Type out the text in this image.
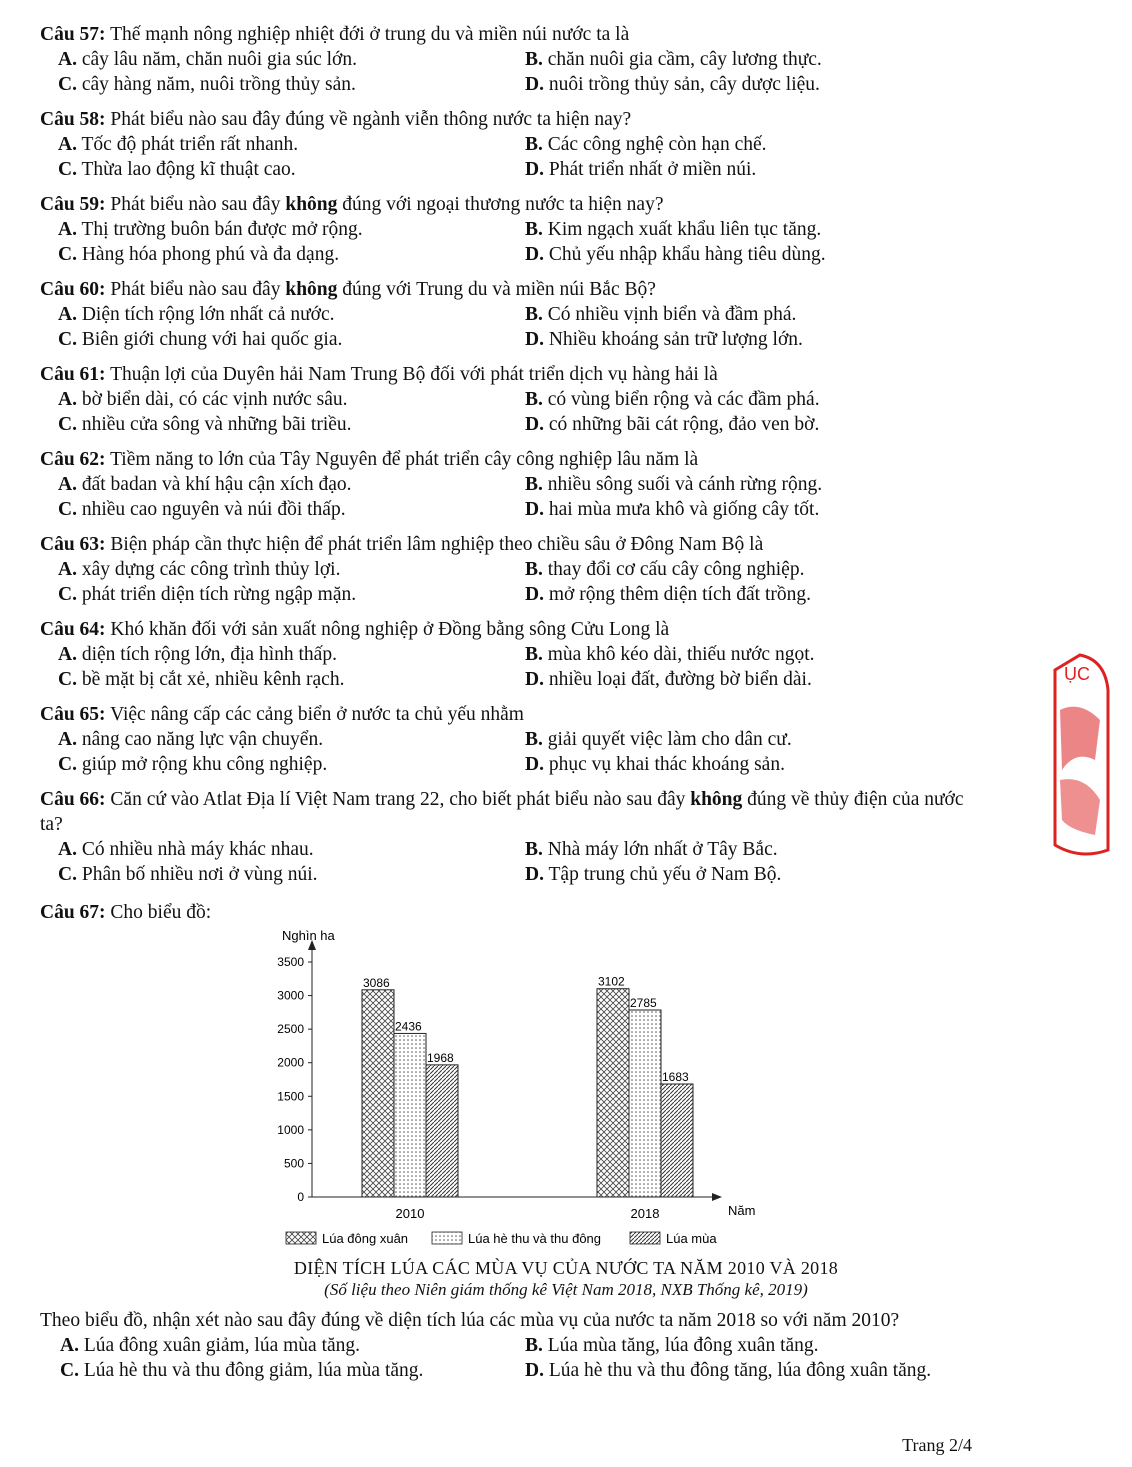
Câu 57: Thế mạnh nông nghiệp nhiệt đới ở trung du và miền núi nước ta là
A. cây lâu năm, chăn nuôi gia súc lớn.	B. chăn nuôi gia cầm, cây lương thực.
C. cây hàng năm, nuôi trồng thủy sản.	D. nuôi trồng thủy sản, cây dược liệu.
Câu 58: Phát biểu nào sau đây đúng về ngành viễn thông nước ta hiện nay?
A. Tốc độ phát triển rất nhanh.	B. Các công nghệ còn hạn chế.
C. Thừa lao động kĩ thuật cao.	D. Phát triển nhất ở miền núi.
Câu 59: Phát biểu nào sau đây không đúng với ngoại thương nước ta hiện nay?
A. Thị trường buôn bán được mở rộng.	B. Kim ngạch xuất khẩu liên tục tăng.
C. Hàng hóa phong phú và đa dạng.	D. Chủ yếu nhập khẩu hàng tiêu dùng.
Câu 60: Phát biểu nào sau đây không đúng với Trung du và miền núi Bắc Bộ?
A. Diện tích rộng lớn nhất cả nước.	B. Có nhiều vịnh biển và đầm phá.
C. Biên giới chung với hai quốc gia.	D. Nhiều khoáng sản trữ lượng lớn.
Câu 61: Thuận lợi của Duyên hải Nam Trung Bộ đối với phát triển dịch vụ hàng hải là
A. bờ biển dài, có các vịnh nước sâu.	B. có vùng biển rộng và các đầm phá.
C. nhiều cửa sông và những bãi triều.	D. có những bãi cát rộng, đảo ven bờ.
Câu 62: Tiềm năng to lớn của Tây Nguyên để phát triển cây công nghiệp lâu năm là
A. đất badan và khí hậu cận xích đạo.	B. nhiều sông suối và cánh rừng rộng.
C. nhiều cao nguyên và núi đồi thấp.	D. hai mùa mưa khô và giống cây tốt.
Câu 63: Biện pháp cần thực hiện để phát triển lâm nghiệp theo chiều sâu ở Đông Nam Bộ là
A. xây dựng các công trình thủy lợi.	B. thay đổi cơ cấu cây công nghiệp.
C. phát triển diện tích rừng ngập mặn.	D. mở rộng thêm diện tích đất trồng.
Câu 64: Khó khăn đối với sản xuất nông nghiệp ở Đồng bằng sông Cửu Long là
A. diện tích rộng lớn, địa hình thấp.	B. mùa khô kéo dài, thiếu nước ngọt.
C. bề mặt bị cắt xẻ, nhiều kênh rạch.	D. nhiều loại đất, đường bờ biển dài.
Câu 65: Việc nâng cấp các cảng biển ở nước ta chủ yếu nhằm
A. nâng cao năng lực vận chuyển.	B. giải quyết việc làm cho dân cư.
C. giúp mở rộng khu công nghiệp.	D. phục vụ khai thác khoáng sản.
Câu 66: Căn cứ vào Atlat Địa lí Việt Nam trang 22, cho biết phát biểu nào sau đây không đúng về thủy điện của nước ta?
A. Có nhiều nhà máy khác nhau.	B. Nhà máy lớn nhất ở Tây Bắc.
C. Phân bố nhiều nơi ở vùng núi.	D. Tập trung chủ yếu ở Nam Bộ.
Câu 67: Cho biểu đồ:
Nghìn ha
Năm
0
500
1000
1500
2000
2500
3000
3500
3086
2436
1968
2010
3102
2785
1683
2018
Lúa đông xuân	Lúa hè thu và thu đông	Lúa mùa
DIỆN TÍCH LÚA CÁC MÙA VỤ CỦA NƯỚC TA NĂM 2010 VÀ 2018
(Số liệu theo Niên giám thống kê Việt Nam 2018, NXB Thống kê, 2019)
Theo biểu đồ, nhận xét nào sau đây đúng về diện tích lúa các mùa vụ của nước ta năm 2018 so với năm 2010?
A. Lúa đông xuân giảm, lúa mùa tăng.	B. Lúa mùa tăng, lúa đông xuân tăng.
C. Lúa hè thu và thu đông giảm, lúa mùa tăng.	D. Lúa hè thu và thu đông tăng, lúa đông xuân tăng.
ỤC
Trang 2/4
